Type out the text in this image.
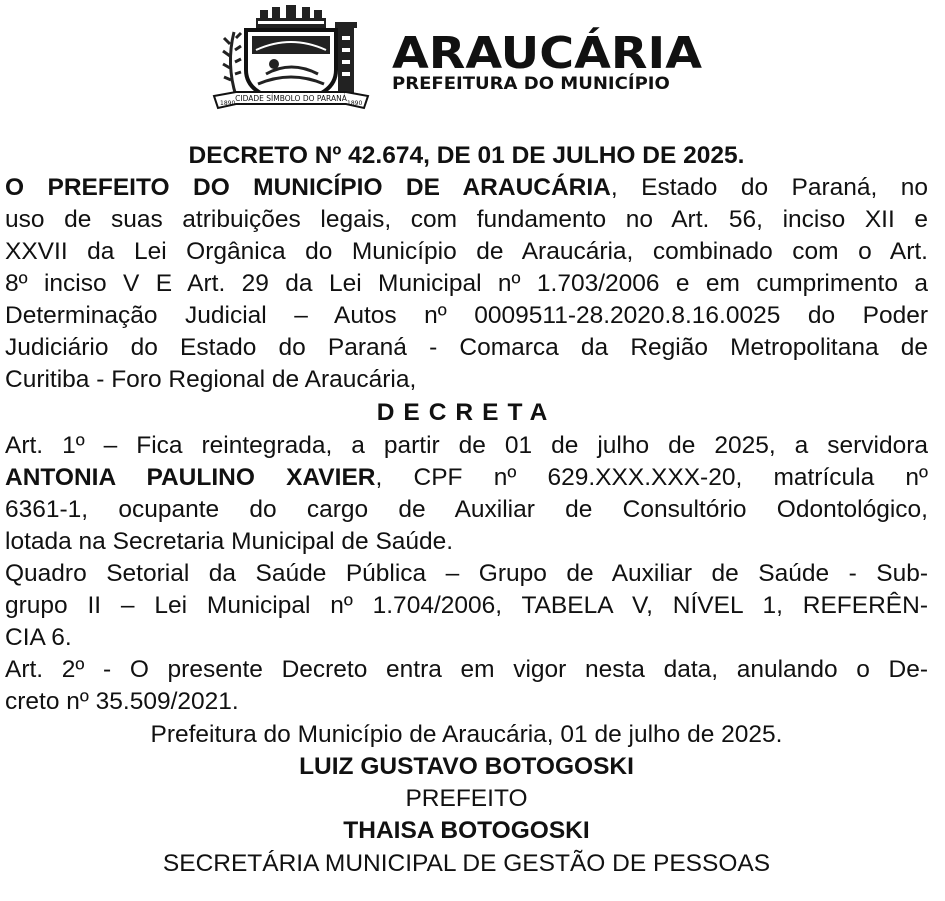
CIDADE SÍMBOLO DO PARANÁ
1890	1890
ARAUCÁRIA
PREFEITURA DO MUNICÍPIO
DECRETO Nº 42.674, DE 01 DE JULHO DE 2025.
O PREFEITO DO MUNICÍPIO DE ARAUCÁRIA, Estado do Paraná, no
uso de suas atribuições legais, com fundamento no Art. 56, inciso XII e
XXVII da Lei Orgânica do Município de Araucária, combinado com o Art.
8º inciso V E Art. 29 da Lei Municipal nº 1.703/2006 e em cumprimento a
Determinação Judicial – Autos nº 0009511-28.2020.8.16.0025 do Poder
Judiciário do Estado do Paraná - Comarca da Região Metropolitana de
Curitiba - Foro Regional de Araucária,
DECRETA
Art. 1º – Fica reintegrada, a partir de 01 de julho de 2025, a servidora
ANTONIA PAULINO XAVIER, CPF nº 629.XXX.XXX-20, matrícula nº
6361-1, ocupante do cargo de Auxiliar de Consultório Odontológico,
lotada na Secretaria Municipal de Saúde.
Quadro Setorial da Saúde Pública – Grupo de Auxiliar de Saúde - Sub-
grupo II – Lei Municipal nº 1.704/2006, TABELA V, NÍVEL 1, REFERÊN-
CIA 6.
Art. 2º - O presente Decreto entra em vigor nesta data, anulando o De-
creto nº 35.509/2021.
Prefeitura do Município de Araucária, 01 de julho de 2025.
LUIZ GUSTAVO BOTOGOSKI
PREFEITO
THAISA BOTOGOSKI
SECRETÁRIA MUNICIPAL DE GESTÃO DE PESSOAS
